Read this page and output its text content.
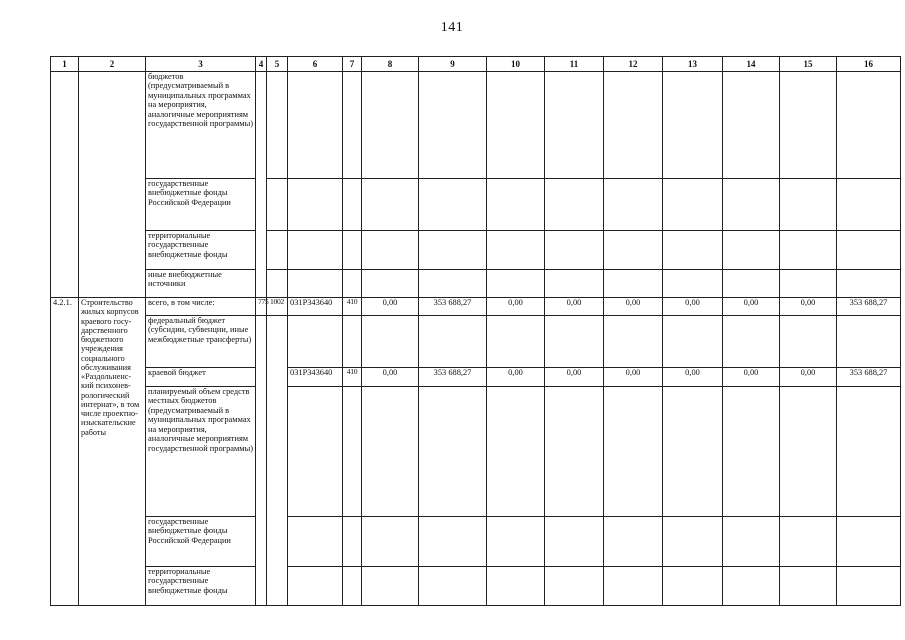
141
1	2	3	4	5	6	7	8	9	10	11	12	13	14	15	16
		бюджетов (предусматриваемый в муниципальных программах на мероприятия, аналогичные мероприятиям государственной программы)													
		государственные внебюджетные фонды Российской Федерации													
		территориальные государственные внебюджетные фонды													
		иные внебюджетные источники													
4.2.1.	Строительство жилых корпусов краевого госу-дарственного бюджетного учреждения социального обслуживания «Раздольненс-кий психонев-рологический интернат», в том числе проектно-изыскательские работы	всего, в том числе:	775	1002	031P343640	410	0,00	353 688,27	0,00	0,00	0,00	0,00	0,00	0,00	353 688,27
		федеральный бюджет (субсидии, субвенции, иные межбюджетные трансферты)													
		краевой бюджет			031P343640	410	0,00	353 688,27	0,00	0,00	0,00	0,00	0,00	0,00	353 688,27
		планируемый объем средств местных бюджетов (предусматриваемый в муниципальных программах на мероприятия, аналогичные мероприятиям государственной программы)													
		государственные внебюджетные фонды Российской Федерации													
		территориальные государственные внебюджетные фонды													
